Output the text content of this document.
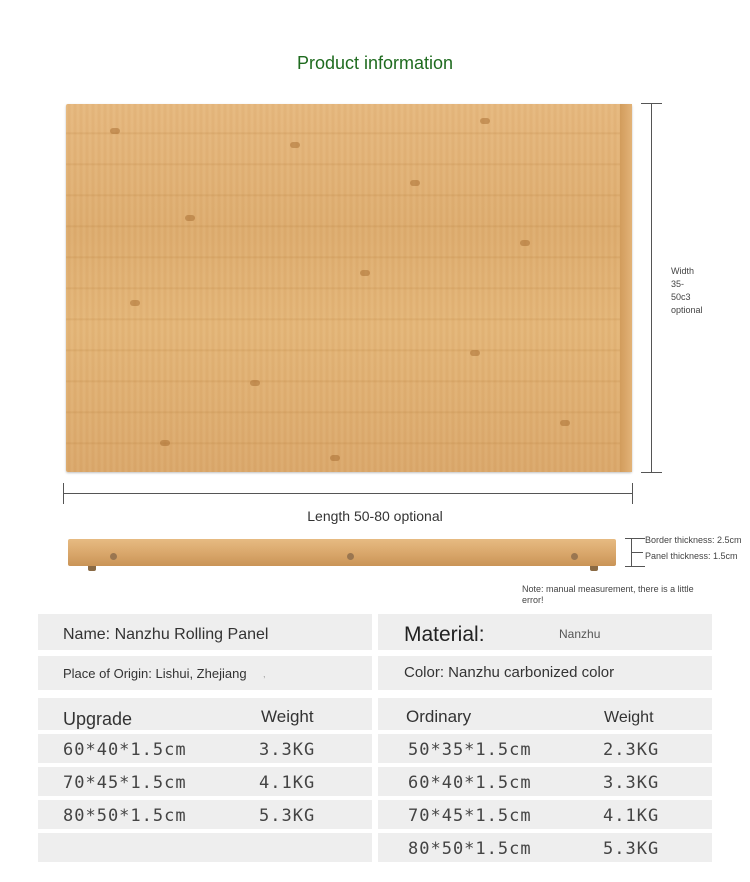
Product information
Width
35-
50c3
optional
Length 50-80 optional
Border thickness: 2.5cm
Panel thickness: 1.5cm
Note: manual measurement, there is a little error!
Name: Nanzhu Rolling Panel	Material:	Nanzhu
Place of Origin: Lishui, Zhejiang ,	Color: Nanzhu carbonized color
Upgrade	Weight
60*40*1.5cm	3.3KG
70*45*1.5cm	4.1KG
80*50*1.5cm	5.3KG
Ordinary	Weight
50*35*1.5cm	2.3KG
60*40*1.5cm	3.3KG
70*45*1.5cm	4.1KG
80*50*1.5cm	5.3KG
